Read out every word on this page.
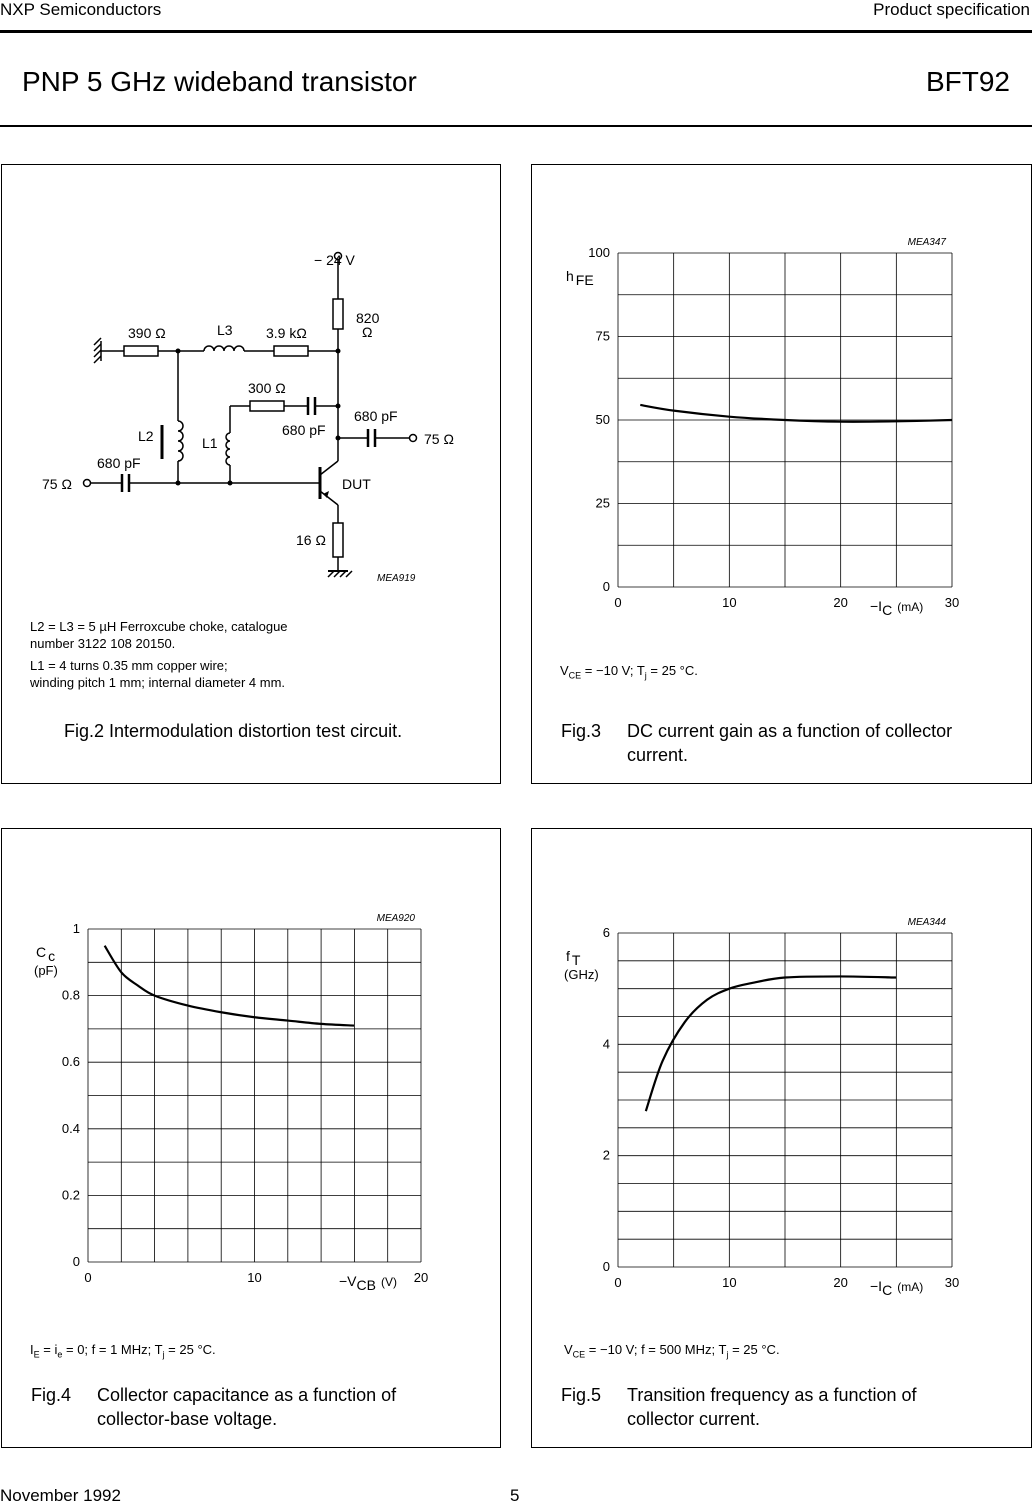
NXP Semiconductors	Product specification
PNP 5 GHz wideband transistor	BFT92
− 24 V
820
Ω
390 Ω	L3 3.9 kΩ
300 Ω
680 pF
680 pF
L2	L1	75 Ω
680 pF
75 Ω	DUT
16 Ω
MEA919
L2 = L3 = 5 µH Ferroxcube choke, catalogue
number 3122 108 20150.
L1 = 4 turns 0.35 mm copper wire;
winding pitch 1 mm; internal diameter 4 mm.
Fig.2 Intermodulation distortion test circuit.
0	10	20	30
0
25
50
75
100
h FE
−IC (mA)
MEA347
$V_{CE} = -10$ V; $T_j = 25$ °C.
Fig.3 DC current gain as a function of collector
current.
0	10	20
0
0.2
0.4
0.6
0.8
1
C c
(pF)
−VCB (V)
MEA920
$I_E = i_e = 0$; f = 1 MHz; $T_j = 25$ °C.
Fig.4 Collector capacitance as a function of
collector-base voltage.
0	10	20	30
0
2
4
6
f T
(GHz)
−IC (mA)
MEA344
$V_{CE} = -10$ V; f = 500 MHz; $T_j = 25$ °C.
Fig.5 Transition frequency as a function of
collector current.
November 1992	5
